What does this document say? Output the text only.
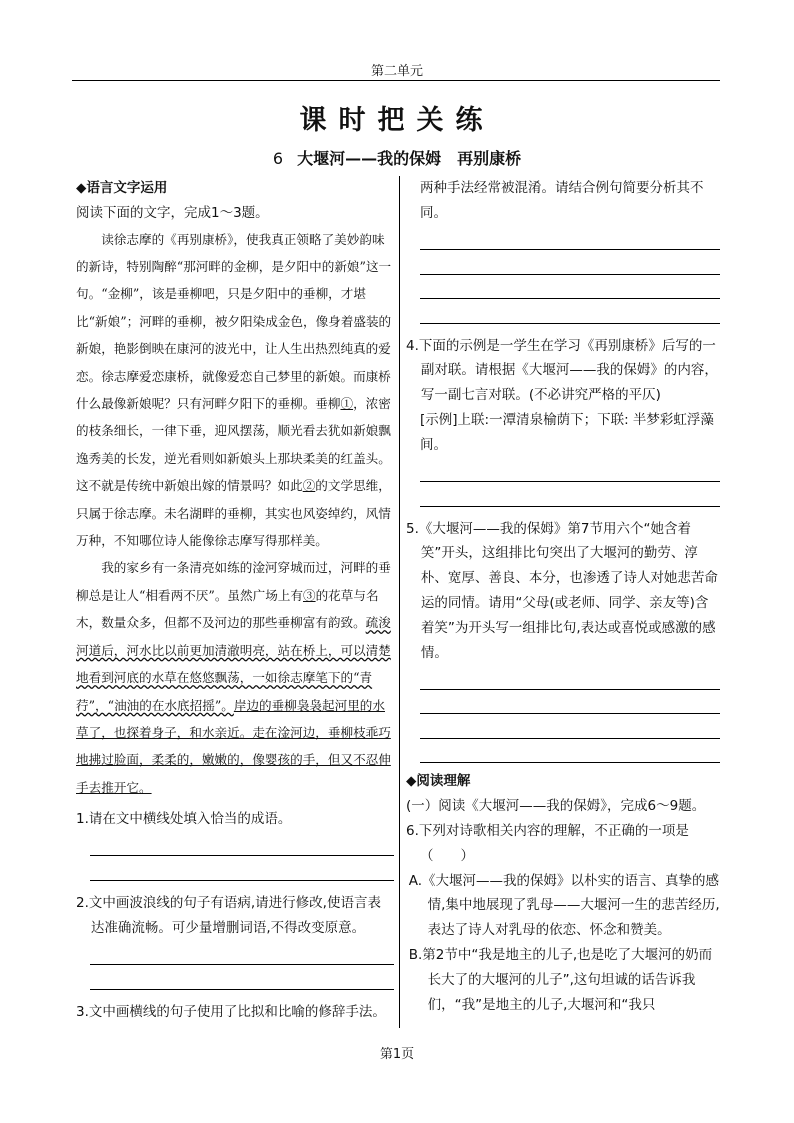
第二单元
课时把关练
6 大堰河——我的保姆　再别康桥
◆语言文字运用
阅读下面的文字，完成1～3题。

读徐志摩的《再别康桥》，使我真正领略了美妙韵味的新诗，特别陶醉“那河畔的金柳，是夕阳中的新娘”这一句。“金柳”，该是垂柳吧，只是夕阳中的垂柳，才堪比“新娘”；河畔的垂柳，被夕阳染成金色，像身着盛装的新娘，艳影倒映在康河的波光中，让人生出热烈纯真的爱恋。徐志摩爱恋康桥，就像爱恋自己梦里的新娘。而康桥什么最像新娘呢？只有河畔夕阳下的垂柳。垂柳①，浓密的枝条细长，一律下垂，迎风摆荡，顺光看去犹如新娘飘逸秀美的长发，逆光看则如新娘头上那块柔美的红盖头。这不就是传统中新娘出嫁的情景吗？如此②的文学思维，只属于徐志摩。未名湖畔的垂柳，其实也风姿绰约，风情万种，不知哪位诗人能像徐志摩写得那样美。

我的家乡有一条清亮如练的淦河穿城而过，河畔的垂柳总是让人“相看两不厌”。虽然广场上有③的花草与名木，数量众多，但都不及河边的那些垂柳富有韵致。疏浚河道后，河水比以前更加清澈明亮，站在桥上，可以清楚地看到河底的水草在悠悠飘荡，一如徐志摩笔下的“青荇”，“油油的在水底招摇”。岸边的垂柳袅袅起河里的水草了，也探着身子，和水亲近。走在淦河边，垂柳枝乖巧地拂过脸面，柔柔的，嫩嫩的，像婴孩的手，但又不忍伸手去推开它。

1.请在文中横线处填入恰当的成语。
2.文中画波浪线的句子有语病,请进行修改,使语言表达准确流畅。可少量增删词语,不得改变原意。
3.文中画横线的句子使用了比拟和比喻的修辞手法。
两种手法经常被混淆。请结合例句简要分析其不同。
4.下面的示例是一学生在学习《再别康桥》后写的一副对联。请根据《大堰河——我的保姆》的内容，写一副七言对联。(不必讲究严格的平仄)
[示例]上联:一潭清泉榆荫下；下联: 半梦彩虹浮藻间。
5.《大堰河——我的保姆》第7节用六个“她含着笑”开头，这组排比句突出了大堰河的勤劳、淳朴、宽厚、善良、本分，也渗透了诗人对她悲苦命运的同情。请用“父母(或老师、同学、亲友等)含着笑”为开头写一组排比句,表达或喜悦或感激的感情。
◆阅读理解
(一）阅读《大堰河——我的保姆》，完成6～9题。
6.下列对诗歌相关内容的理解，不正确的一项是
（　　）

A.《大堰河——我的保姆》以朴实的语言、真挚的感情,集中地展现了乳母——大堰河一生的悲苦经历,表达了诗人对乳母的依恋、怀念和赞美。

B.第2节中“我是地主的儿子,也是吃了大堰河的奶而长大了的大堰河的儿子”,这句坦诚的话告诉我们，“我”是地主的儿子,大堰河和“我只

第1页
